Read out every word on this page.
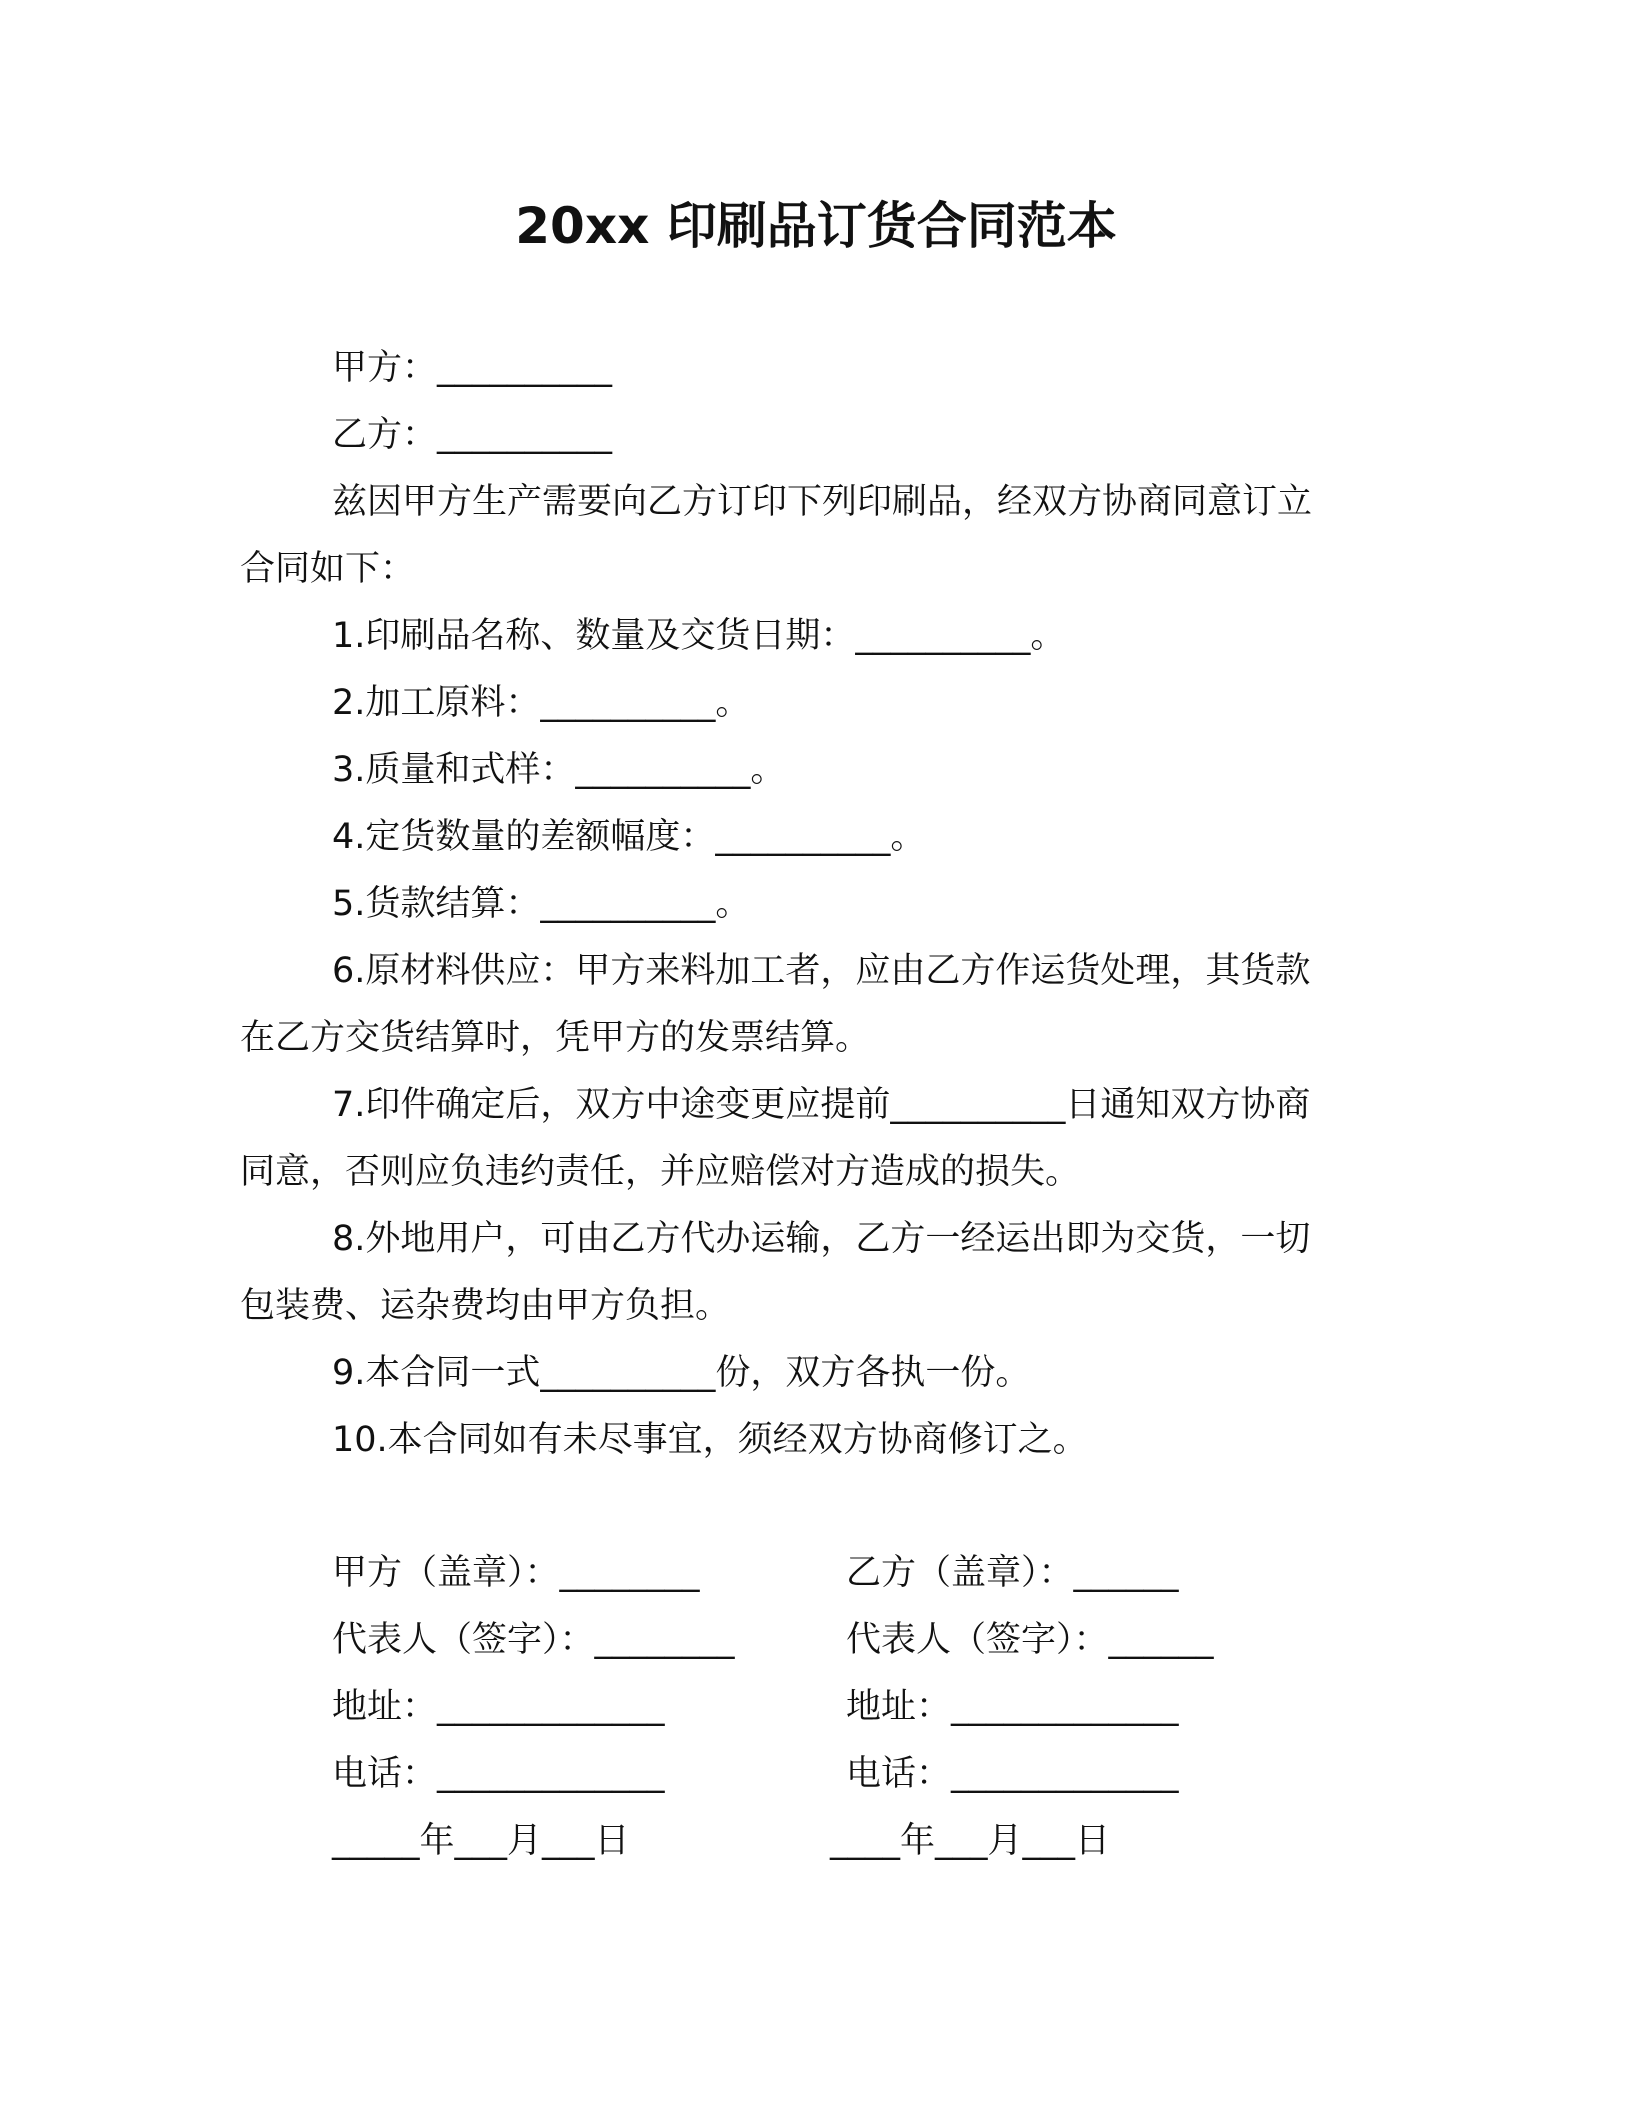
20xx 印刷品订货合同范本
甲方：__________
乙方：__________
兹因甲方生产需要向乙方订印下列印刷品，经双方协商同意订立
合同如下：
1.印刷品名称、数量及交货日期：__________。
2.加工原料：__________。
3.质量和式样：__________。
4.定货数量的差额幅度：__________。
5.货款结算：__________。
6.原材料供应：甲方来料加工者，应由乙方作运货处理，其货款
在乙方交货结算时，凭甲方的发票结算。
7.印件确定后，双方中途变更应提前__________日通知双方协商
同意，否则应负违约责任，并应赔偿对方造成的损失。
8.外地用户，可由乙方代办运输，乙方一经运出即为交货，一切
包装费、运杂费均由甲方负担。
9.本合同一式__________份，双方各执一份。
10.本合同如有未尽事宜，须经双方协商修订之。
甲方（盖章）：________
代表人（签字）：________
地址：_____________
电话：_____________
_____年___月___日
乙方（盖章）：______
代表人（签字）：______
地址：_____________
电话：_____________
____年___月___日
